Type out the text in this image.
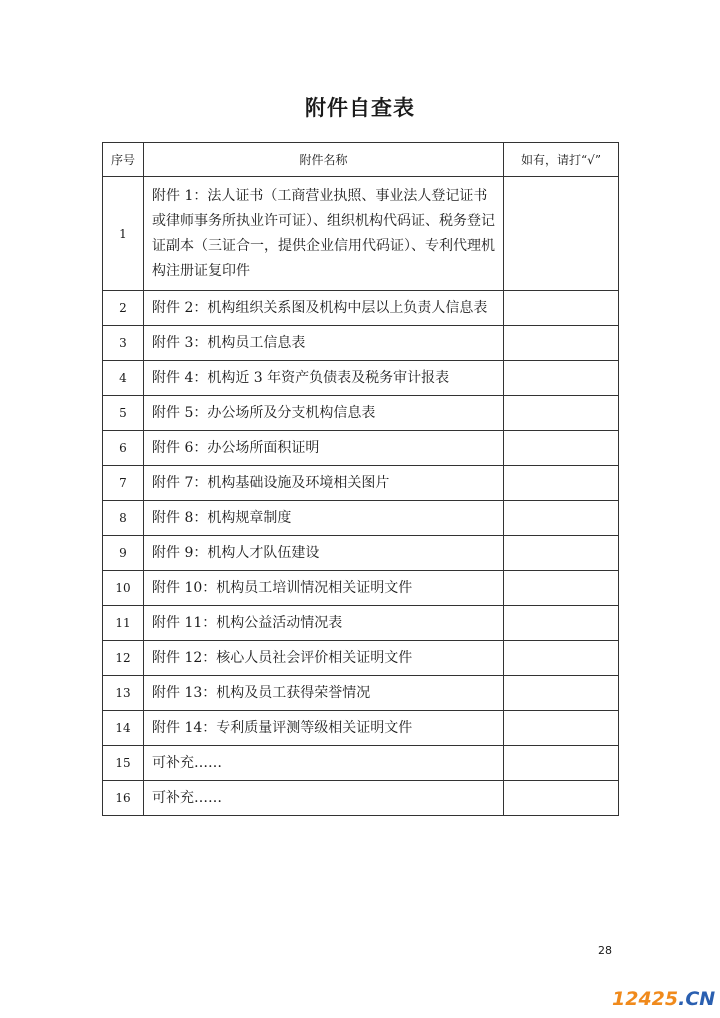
附件自查表
序号	附件名称	如有，请打“√”
1	附件 1：法人证书（工商营业执照、事业法人登记证书或律师事务所执业许可证）、组织机构代码证、税务登记证副本（三证合一，提供企业信用代码证）、专利代理机构注册证复印件	
2	附件 2：机构组织关系图及机构中层以上负责人信息表	
3	附件 3：机构员工信息表	
4	附件 4：机构近 3 年资产负债表及税务审计报表	
5	附件 5：办公场所及分支机构信息表	
6	附件 6：办公场所面积证明	
7	附件 7：机构基础设施及环境相关图片	
8	附件 8：机构规章制度	
9	附件 9：机构人才队伍建设	
10	附件 10：机构员工培训情况相关证明文件	
11	附件 11：机构公益活动情况表	
12	附件 12：核心人员社会评价相关证明文件	
13	附件 13：机构及员工获得荣誉情况	
14	附件 14：专利质量评测等级相关证明文件	
15	可补充……	
16	可补充……	
28
12425.CN
